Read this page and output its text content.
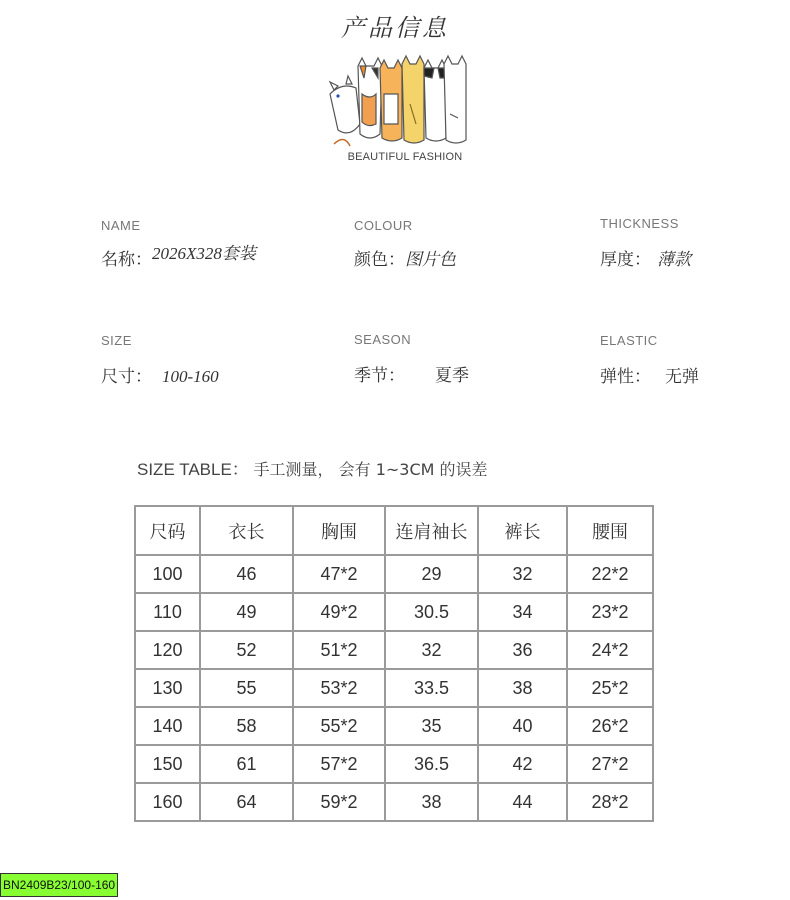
产品信息
BEAUTIFUL FASHION
NAME
名称：2026X328套装
COLOUR
颜色：图片色
THICKNESS
厚度： 薄款
SIZE
尺寸： 100-160
SEASON
季节： 夏季
ELASTIC
弹性： 无弹
SIZE TABLE： 手工测量， 会有 1~3CM 的误差
尺码	衣长	胸围	连肩袖长	裤长	腰围
100	46	47*2	29	32	22*2
110	49	49*2	30.5	34	23*2
120	52	51*2	32	36	24*2
130	55	53*2	33.5	38	25*2
140	58	55*2	35	40	26*2
150	61	57*2	36.5	42	27*2
160	64	59*2	38	44	28*2
BN2409B23/100-160
